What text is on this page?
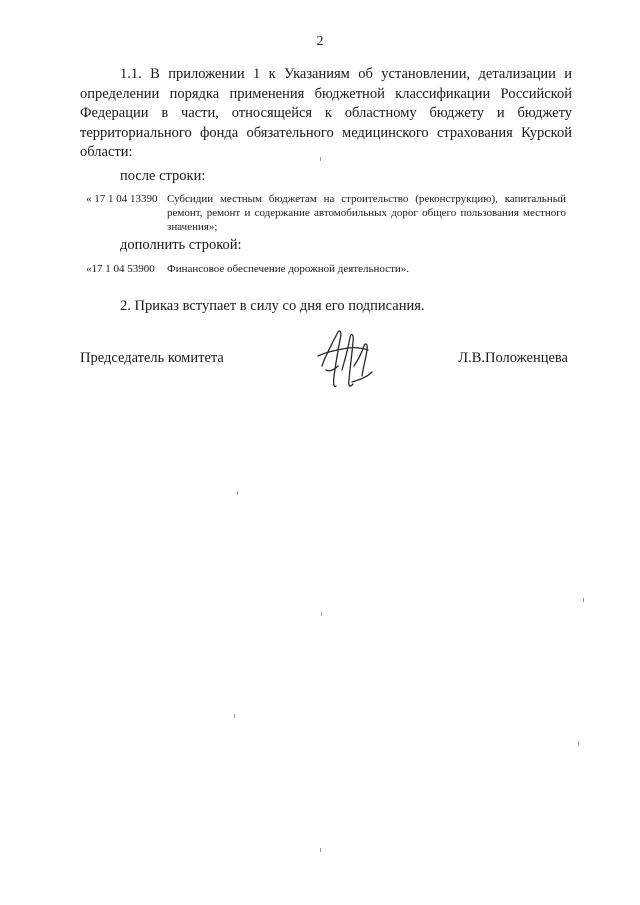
2

1.1. В приложении 1 к Указаниям об установлении, детализации и определении порядка применения бюджетной классификации Российской Федерации в части, относящейся к областному бюджету и бюджету территориального фонда обязательного медицинского страхования Курской области:

после строки:

« 17 1 04 13390 Субсидии местным бюджетам на строительство (реконструкцию), капитальный ремонт, ремонт и содержание автомобильных дорог общего пользования местного значения»;

дополнить строкой:

«17 1 04 53900 Финансовое обеспечение дорожной деятельности».

2. Приказ вступает в силу со дня его подписания.

Председатель комитета	Л.В.Положенцева
